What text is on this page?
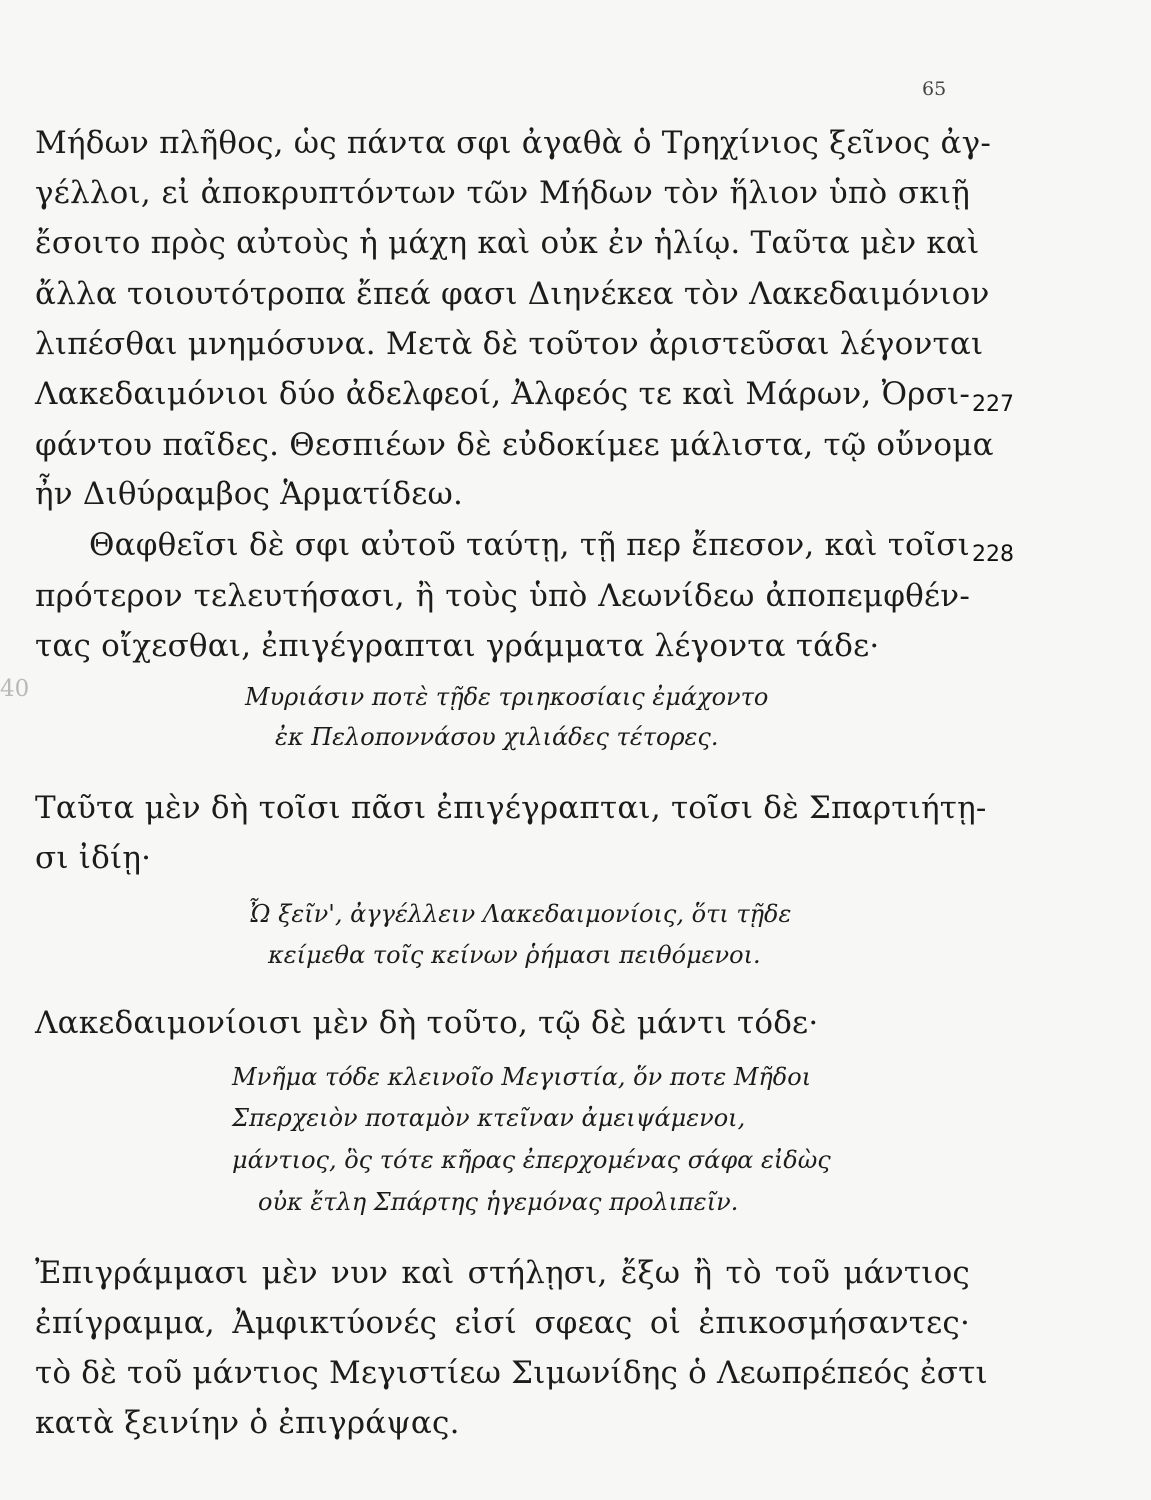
65
Μήδων πλῆθος, ὡς πάντα σφι ἀγαθὰ ὁ Τρηχίνιος ξεῖνος ἀγ-
γέλλοι, εἰ ἀποκρυπτόντων τῶν Μήδων τὸν ἥλιον ὑπὸ σκιῇ
ἔσοιτο πρὸς αὐτοὺς ἡ μάχη καὶ οὐκ ἐν ἡλίῳ. Ταῦτα μὲν καὶ
ἄλλα τοιουτότροπα ἔπεά φασι Διηνέκεα τὸν Λακεδαιμόνιον
λιπέσθαι μνημόσυνα. Μετὰ δὲ τοῦτον ἀριστεῦσαι λέγονται
Λακεδαιμόνιοι δύο ἀδελφεοί, Ἀλφεός τε καὶ Μάρων, Ὀρσι-
φάντου παῖδες. Θεσπιέων δὲ εὐδοκίμεε μάλιστα, τῷ οὔνομα
ἦν Διθύραμβος Ἁρματίδεω.
Θαφθεῖσι δὲ σφι αὐτοῦ ταύτῃ, τῇ περ ἔπεσον, καὶ τοῖσι
πρότερον τελευτήσασι, ἢ τοὺς ὑπὸ Λεωνίδεω ἀποπεμφθέν-
τας οἴχεσθαι, ἐπιγέγραπται γράμματα λέγοντα τάδε·
Μυριάσιν ποτὲ τῇδε τριηκοσίαις ἐμάχοντο
ἐκ Πελοποννάσου χιλιάδες τέτορες.
Ταῦτα μὲν δὴ τοῖσι πᾶσι ἐπιγέγραπται, τοῖσι δὲ Σπαρτιήτῃ-
σι ἰδίῃ·
Ὦ ξεῖν', ἀγγέλλειν Λακεδαιμονίοις, ὅτι τῇδε
κείμεθα τοῖς κείνων ῥήμασι πειθόμενοι.
Λακεδαιμονίοισι μὲν δὴ τοῦτο, τῷ δὲ μάντι τόδε·
Μνῆμα τόδε κλεινοῖο Μεγιστία, ὅν ποτε Μῆδοι
Σπερχειὸν ποταμὸν κτεῖναν ἀμειψάμενοι,
μάντιος, ὃς τότε κῆρας ἐπερχομένας σάφα εἰδὼς
οὐκ ἔτλη Σπάρτης ἡγεμόνας προλιπεῖν.
Ἐπιγράμμασι μὲν νυν καὶ στήλῃσι, ἔξω ἢ τὸ τοῦ μάντιος
ἐπίγραμμα, Ἀμφικτύονές εἰσί σφεας οἱ ἐπικοσμήσαντες·
τὸ δὲ τοῦ μάντιος Μεγιστίεω Σιμωνίδης ὁ Λεωπρέπεός ἐστι
κατὰ ξεινίην ὁ ἐπιγράψας.
227
228
40
